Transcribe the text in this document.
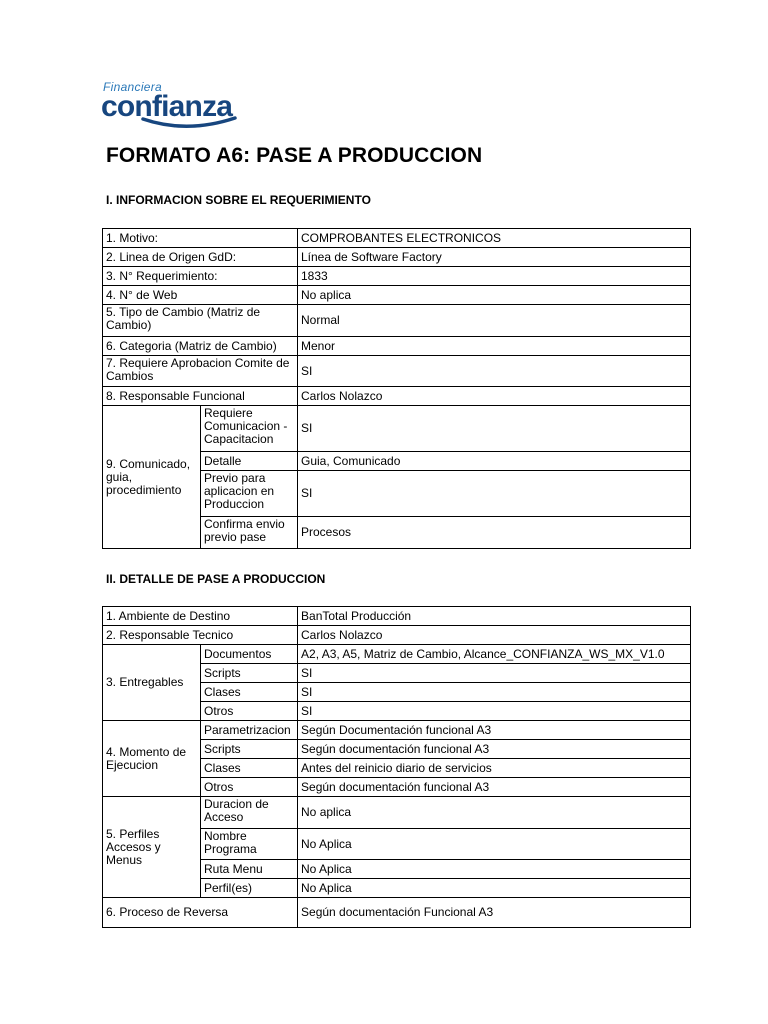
Financiera
confianza
FORMATO A6: PASE A PRODUCCION
I. INFORMACION SOBRE EL REQUERIMIENTO
1. Motivo:		COMPROBANTES ELECTRONICOS
2. Linea de Origen GdD:		Línea de Software Factory
3. N° Requerimiento:		1833
4. N° de Web		No aplica
5. Tipo de Cambio (Matriz de Cambio)		Normal
6. Categoria (Matriz de Cambio)		Menor
7. Requiere Aprobacion Comite de Cambios		SI
8. Responsable Funcional		Carlos Nolazco
9. Comunicado, guia, procedimiento	Requiere Comunicacion - Capacitacion	SI
	Detalle	Guia, Comunicado
	Previo para aplicacion en Produccion	SI
	Confirma envio previo pase	Procesos
II. DETALLE DE PASE A PRODUCCION
1. Ambiente de Destino		BanTotal Producción
2. Responsable Tecnico		Carlos Nolazco
3. Entregables	Documentos	A2, A3, A5, Matriz de Cambio, Alcance_CONFIANZA_WS_MX_V1.0
	Scripts	SI
	Clases	SI
	Otros	SI
4. Momento de Ejecucion	Parametrizacion	Según Documentación funcional A3
	Scripts	Según documentación funcional A3
	Clases	Antes del reinicio diario de servicios
	Otros	Según documentación funcional A3
5. Perfiles Accesos y Menus	Duracion de Acceso	No aplica
	Nombre Programa	No Aplica
	Ruta Menu	No Aplica
	Perfil(es)	No Aplica
6. Proceso de Reversa		Según documentación Funcional A3
